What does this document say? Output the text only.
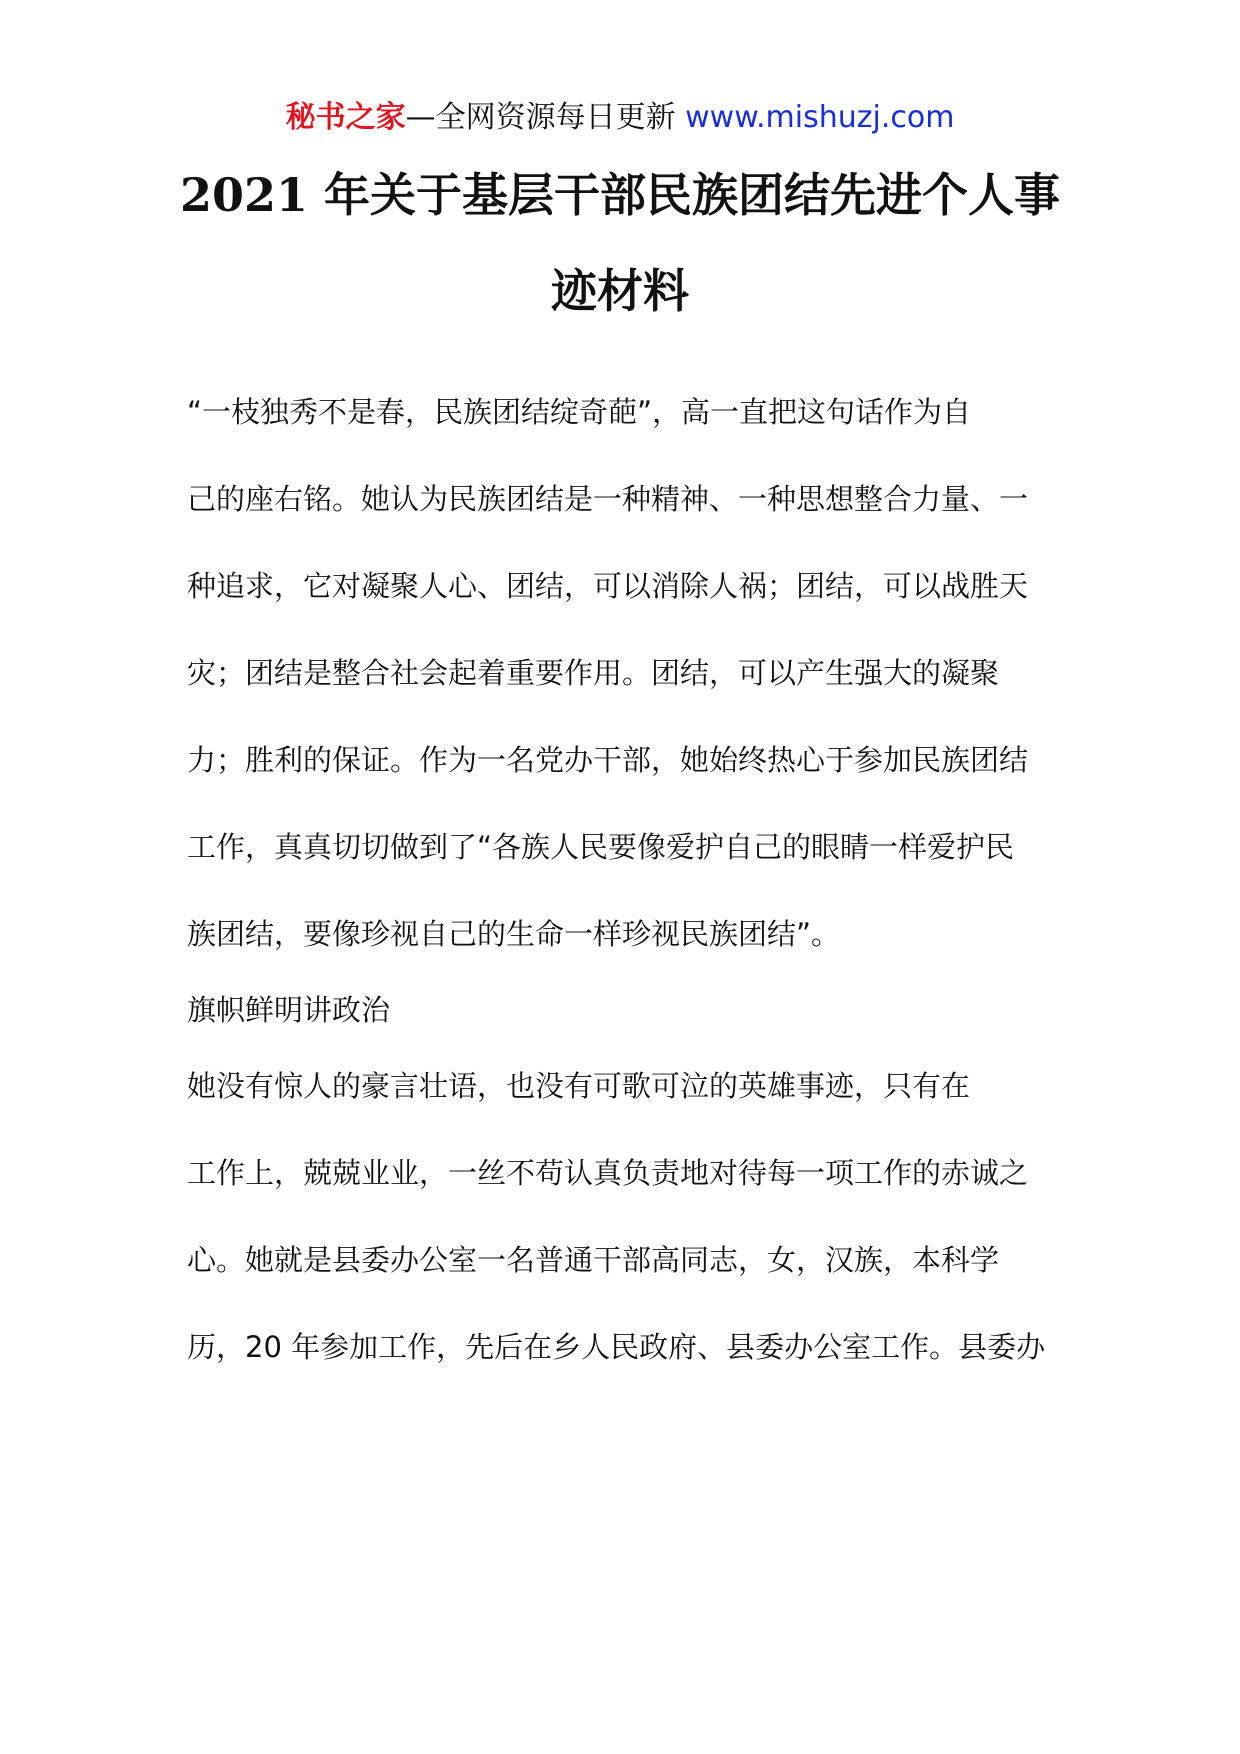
秘书之家—全网资源每日更新 www.mishuzj.com
2021 年关于基层干部民族团结先进个人事
迹材料
“一枝独秀不是春，民族团结绽奇葩”，高一直把这句话作为自
己的座右铭。她认为民族团结是一种精神、一种思想整合力量、一
种追求，它对凝聚人心、团结，可以消除人祸；团结，可以战胜天
灾；团结是整合社会起着重要作用。团结，可以产生强大的凝聚
力；胜利的保证。作为一名党办干部，她始终热心于参加民族团结
工作，真真切切做到了“各族人民要像爱护自己的眼睛一样爱护民
族团结，要像珍视自己的生命一样珍视民族团结”。
旗帜鲜明讲政治
她没有惊人的豪言壮语，也没有可歌可泣的英雄事迹，只有在
工作上，兢兢业业，一丝不苟认真负责地对待每一项工作的赤诚之
心。她就是县委办公室一名普通干部高同志，女，汉族，本科学
历，20 年参加工作，先后在乡人民政府、县委办公室工作。县委办
